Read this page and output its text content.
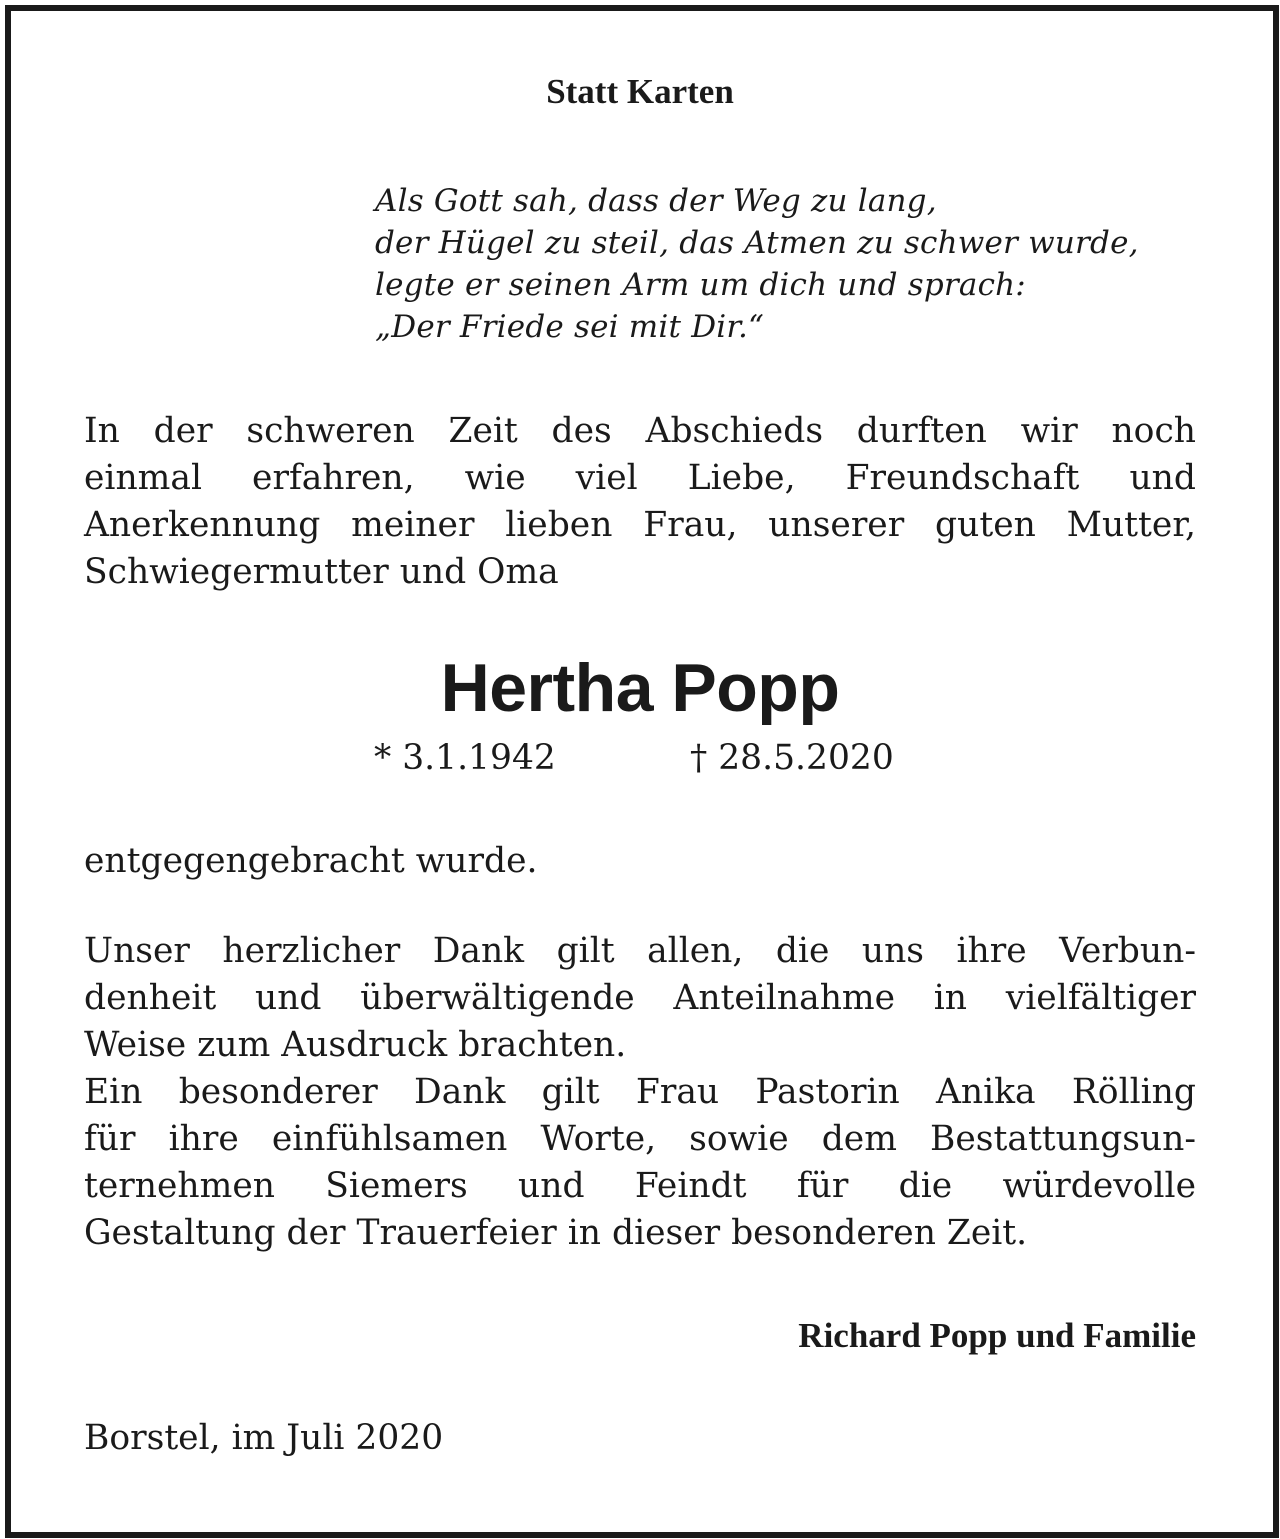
Statt Karten
Als Gott sah, dass der Weg zu lang,
der Hügel zu steil, das Atmen zu schwer wurde,
legte er seinen Arm um dich und sprach:
„Der Friede sei mit Dir.“
In der schweren Zeit des Abschieds durften wir noch
einmal erfahren, wie viel Liebe, Freundschaft und
Anerkennung meiner lieben Frau, unserer guten Mutter,
Schwiegermutter und Oma
Hertha Popp
* 3.1.1942	† 28.5.2020
entgegengebracht wurde.
Unser herzlicher Dank gilt allen, die uns ihre Verbun-
denheit und überwältigende Anteilnahme in vielfältiger
Weise zum Ausdruck brachten.
Ein besonderer Dank gilt Frau Pastorin Anika Rölling
für ihre einfühlsamen Worte, sowie dem Bestattungsun-
ternehmen Siemers und Feindt für die würdevolle
Gestaltung der Trauerfeier in dieser besonderen Zeit.
Richard Popp und Familie
Borstel, im Juli 2020
